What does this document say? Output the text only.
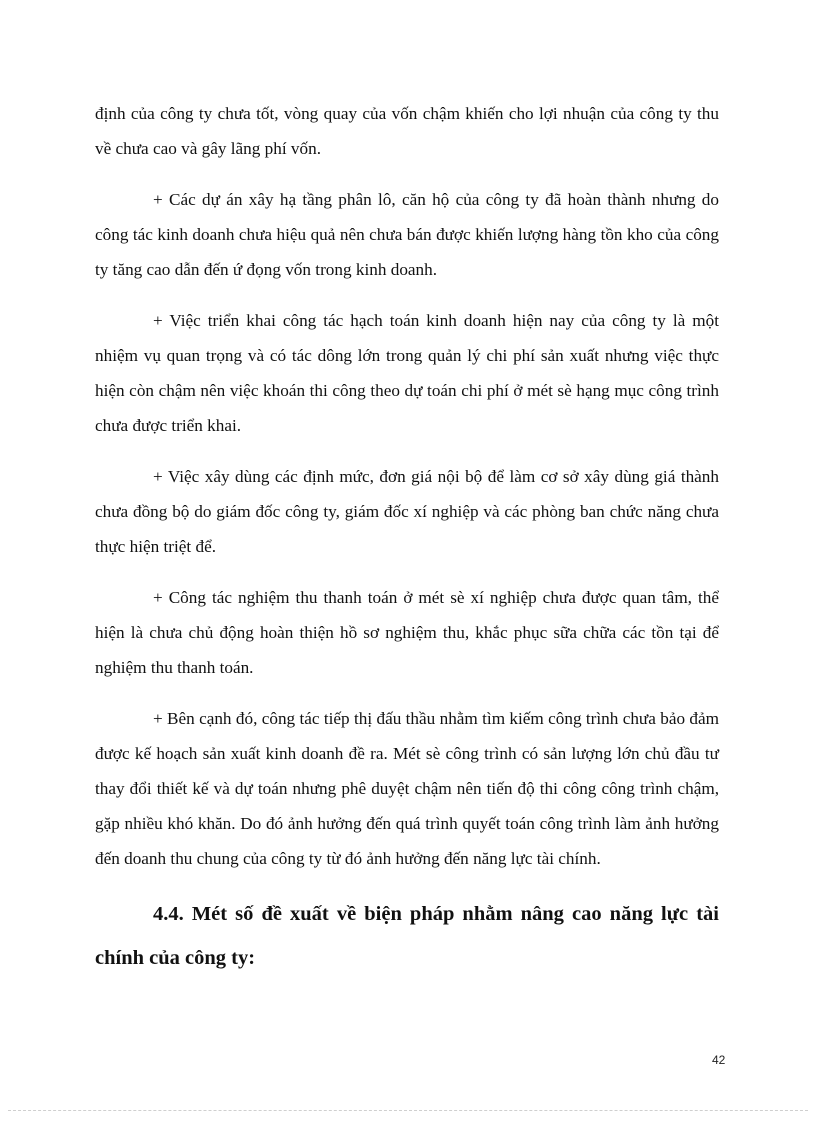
định của công ty chưa tốt, vòng quay của vốn chậm khiến cho lợi nhuận của công ty thu về chưa cao và gây lãng phí vốn.

+ Các dự án xây hạ tầng phân lô, căn hộ của công ty đã hoàn thành nhưng do công tác kinh doanh chưa hiệu quả nên chưa bán được khiến lượng hàng tồn kho của công ty tăng cao dẫn đến ứ đọng vốn trong kinh doanh.

+ Việc triển khai công tác hạch toán kinh doanh hiện nay của công ty là một nhiệm vụ quan trọng và có tác dông lớn trong quản lý chi phí sản xuất nhưng việc thực hiện còn chậm nên việc khoán thi công theo dự toán chi phí ở mét sè hạng mục công trình chưa được triển khai.

+ Việc xây dùng các định mức, đơn giá nội bộ để làm cơ sở xây dùng giá thành chưa đồng bộ do giám đốc công ty, giám đốc xí nghiệp và các phòng ban chức năng chưa thực hiện triệt để.

+ Công tác nghiệm thu thanh toán ở mét sè xí nghiệp chưa được quan tâm, thể hiện là chưa chủ động hoàn thiện hồ sơ nghiệm thu, khắc phục sữa chữa các tồn tại để nghiệm thu thanh toán.

+ Bên cạnh đó, công tác tiếp thị đấu thầu nhằm tìm kiếm công trình chưa bảo đảm được kế hoạch sản xuất kinh doanh đề ra. Mét sè công trình có sản lượng lớn chủ đầu tư thay đổi thiết kế và dự toán nhưng phê duyệt chậm nên tiến độ thi công công trình chậm, gặp nhiều khó khăn. Do đó ảnh hưởng đến quá trình quyết toán công trình làm ảnh hưởng đến doanh thu chung của công ty từ đó ảnh hưởng đến năng lực tài chính.

4.4. Mét số đề xuất về biện pháp nhằm nâng cao năng lực tài chính của công ty:
42
